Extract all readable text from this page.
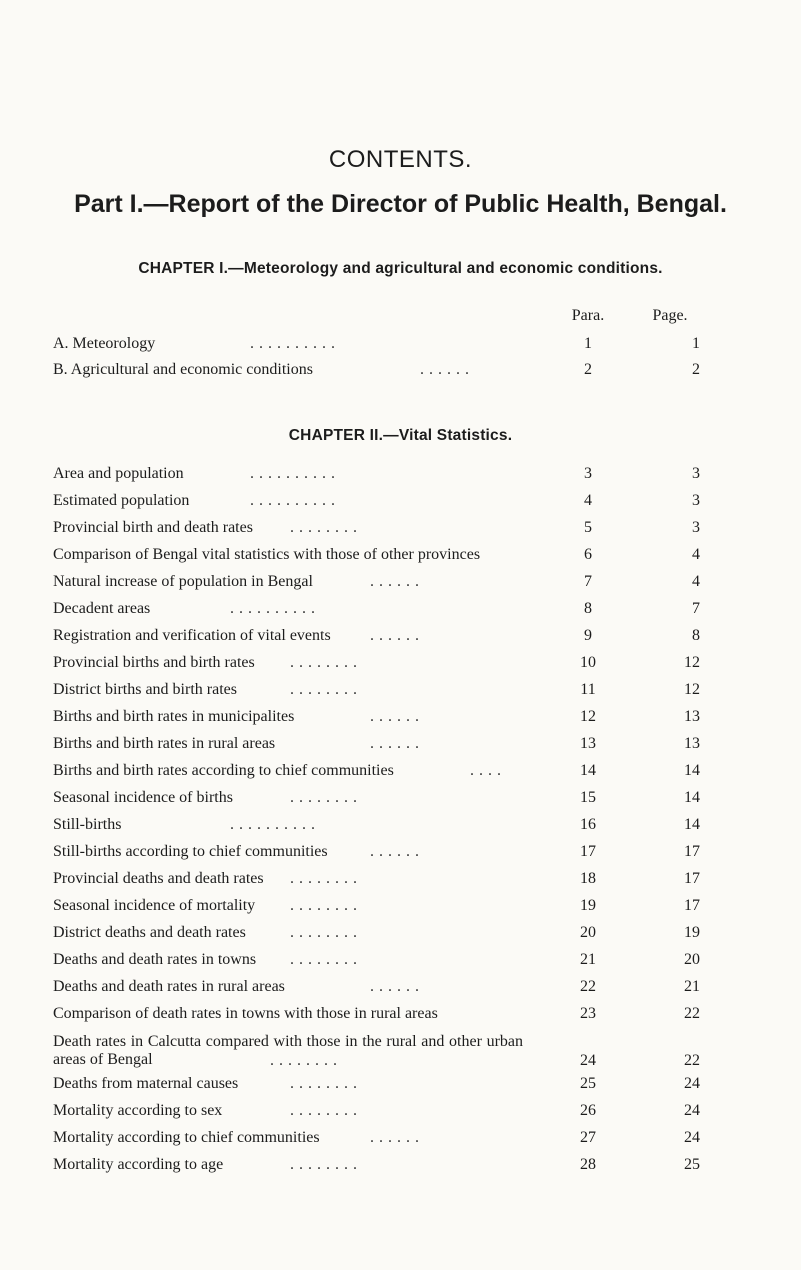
CONTENTS.
Part I.—Report of the Director of Public Health, Bengal.
CHAPTER I.—Meteorology and agricultural and economic conditions.
Para.	Page.
A. Meteorology	. . . . . . . . . .	1	1
B. Agricultural and economic conditions	. . . . . .	2	2
CHAPTER II.—Vital Statistics.
Area and population	. . . . . . . . . .	3	3
Estimated population	. . . . . . . . . .	4	3
Provincial birth and death rates . . . . . . . .	5	3
Comparison of Bengal vital statistics with those of other provinces	6	4
Natural increase of population in Bengal	. . . . . .	7	4
Decadent areas	. . . . . . . . . .	8	7
Registration and verification of vital events . . . . . .	9	8
Provincial births and birth rates . . . . . . . .	10	12
District births and birth rates	. . . . . . . .	11	12
Births and birth rates in municipalites	. . . . . .	12	13
Births and birth rates in rural areas	. . . . . .	13	13
Births and birth rates according to chief communities	. . . .	14	14
Seasonal incidence of births	. . . . . . . .	15	14
Still-births	. . . . . . . . . .	16	14
Still-births according to chief communities	. . . . . .	17	17
Provincial deaths and death rates . . . . . . . .	18	17
Seasonal incidence of mortality . . . . . . . .	19	17
District deaths and death rates	. . . . . . . .	20	19
Deaths and death rates in towns . . . . . . . .	21	20
Deaths and death rates in rural areas	. . . . . .	22	21
Comparison of death rates in towns with those in rural areas	23	22
Death rates in Calcutta compared with those in the rural and other urban areas of Bengal	. . . . . . . .	24	22
Deaths from maternal causes	. . . . . . . .	25	24
Mortality according to sex	. . . . . . . .	26	24
Mortality according to chief communities	. . . . . .	27	24
Mortality according to age	. . . . . . . .	28	25
